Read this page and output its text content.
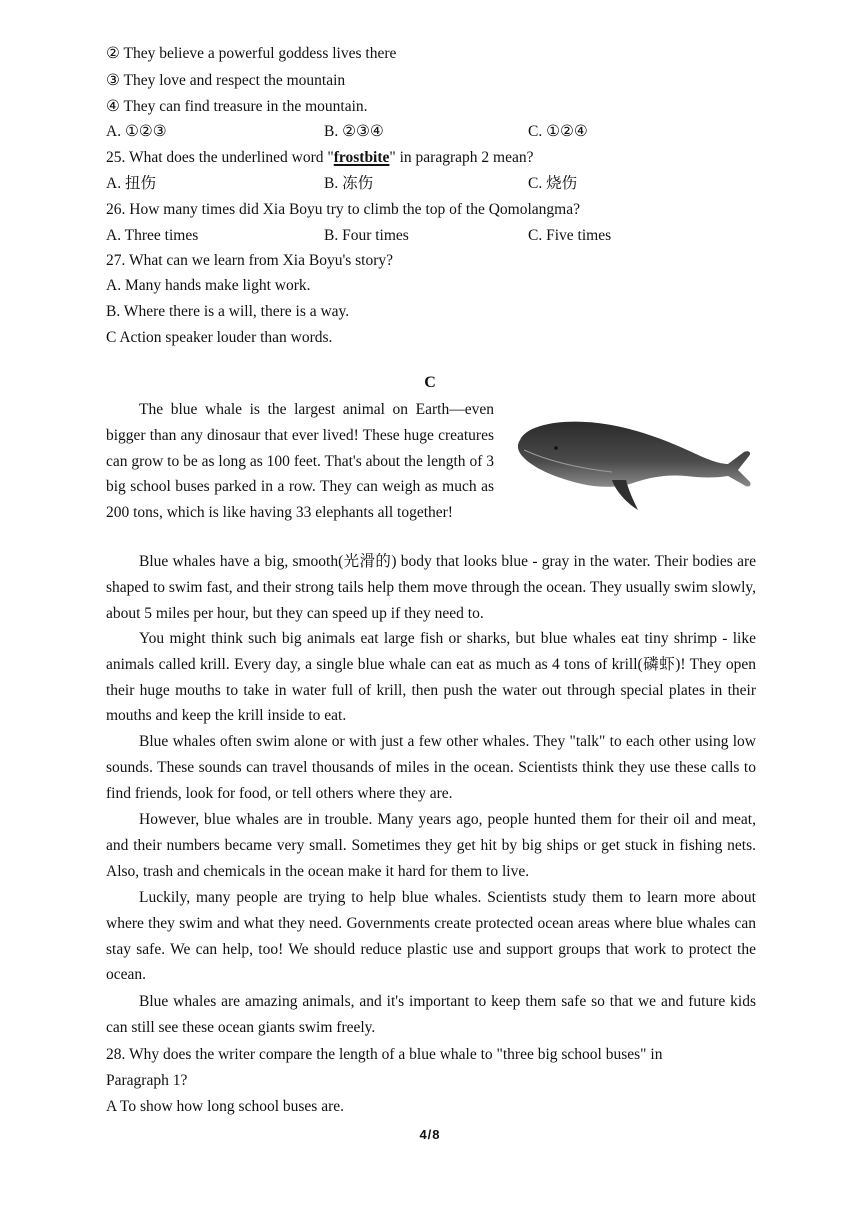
② They believe a powerful goddess lives there
③ They love and respect the mountain
④ They can find treasure in the mountain.
A. ①②③	B. ②③④	C. ①②④
25. What does the underlined word "frostbite" in paragraph 2 mean?
A. 扭伤	B. 冻伤	C. 烧伤
26. How many times did Xia Boyu try to climb the top of the Qomolangma?
A. Three times	B. Four times	C. Five times
27. What can we learn from Xia Boyu's story?
A. Many hands make light work.
B. Where there is a will, there is a way.
C Action speaker louder than words.
C
The blue whale is the largest animal on Earth—even bigger than any dinosaur that ever lived! These huge creatures can grow to be as long as 100 feet. That's about the length of 3 big school buses parked in a row. They can weigh as much as 200 tons, which is like having 33 elephants all together!
Blue whales have a big, smooth(光滑的) body that looks blue - gray in the water. Their bodies are shaped to swim fast, and their strong tails help them move through the ocean. They usually swim slowly, about 5 miles per hour, but they can speed up if they need to.
You might think such big animals eat large fish or sharks, but blue whales eat tiny shrimp - like animals called krill. Every day, a single blue whale can eat as much as 4 tons of krill(磷虾)! They open their huge mouths to take in water full of krill, then push the water out through special plates in their mouths and keep the krill inside to eat.
Blue whales often swim alone or with just a few other whales. They "talk" to each other using low sounds. These sounds can travel thousands of miles in the ocean. Scientists think they use these calls to find friends, look for food, or tell others where they are.
However, blue whales are in trouble. Many years ago, people hunted them for their oil and meat, and their numbers became very small. Sometimes they get hit by big ships or get stuck in fishing nets. Also, trash and chemicals in the ocean make it hard for them to live.
Luckily, many people are trying to help blue whales. Scientists study them to learn more about where they swim and what they need. Governments create protected ocean areas where blue whales can stay safe. We can help, too! We should reduce plastic use and support groups that work to protect the ocean.
Blue whales are amazing animals, and it's important to keep them safe so that we and future kids can still see these ocean giants swim freely.
28. Why does the writer compare the length of a blue whale to "three big school buses" in
Paragraph 1?
A To show how long school buses are.
4/8
